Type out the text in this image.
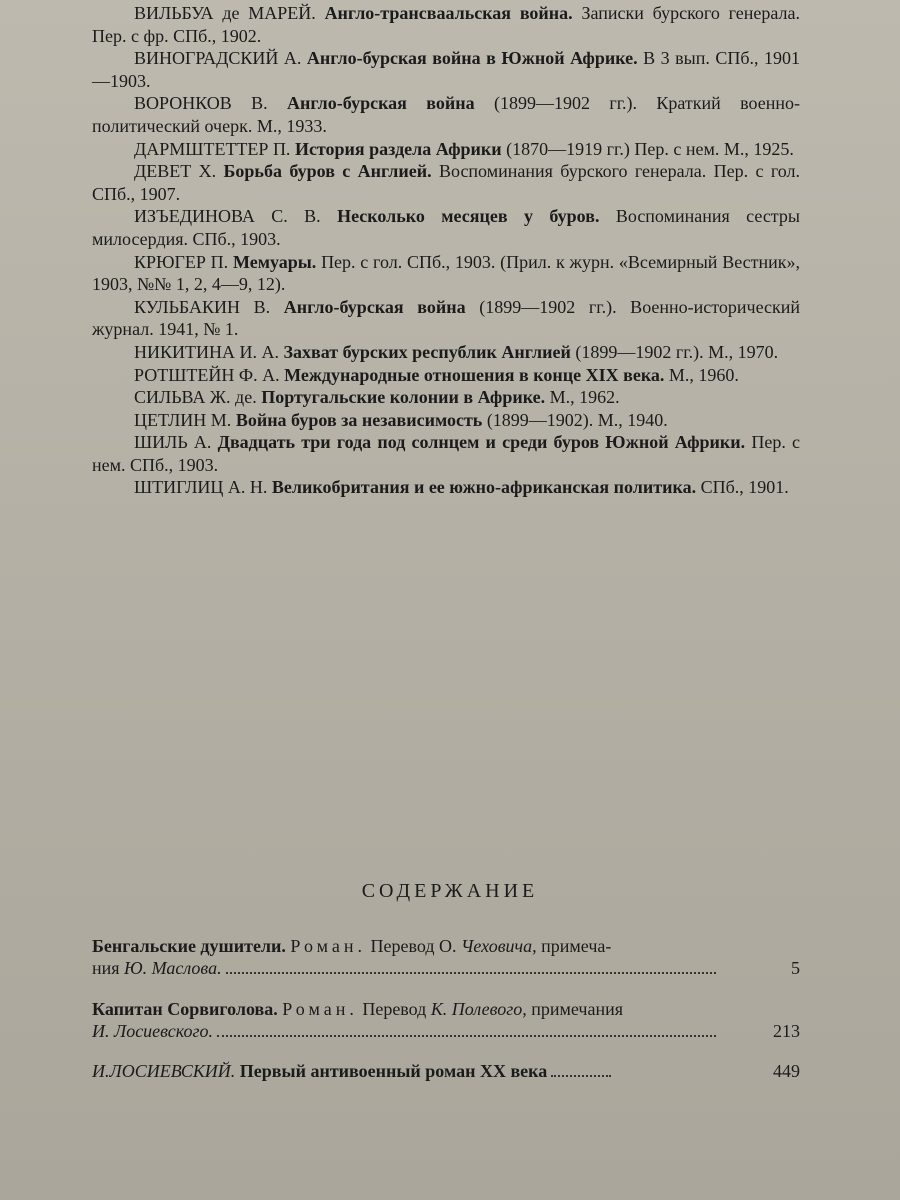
ВИЛЬБУА де МАРЕЙ. Англо-трансваальская война. Записки бурского генерала. Пер. с фр. СПб., 1902.

ВИНОГРАДСКИЙ А. Англо-бурская война в Южной Африке. В 3 вып. СПб., 1901—1903.

ВОРОНКОВ В. Англо-бурская война (1899—1902 гг.). Краткий военно-политический очерк. М., 1933.

ДАРМШТЕТТЕР П. История раздела Африки (1870—1919 гг.) Пер. с нем. М., 1925.

ДЕВЕТ Х. Борьба буров с Англией. Воспоминания бурского генерала. Пер. с гол. СПб., 1907.

ИЗЪЕДИНОВА С. В. Несколько месяцев у буров. Воспоминания сестры милосердия. СПб., 1903.

КРЮГЕР П. Мемуары. Пер. с гол. СПб., 1903. (Прил. к журн. «Всемирный Вестник», 1903, №№ 1, 2, 4—9, 12).

КУЛЬБАКИН В. Англо-бурская война (1899—1902 гг.). Военно-исторический журнал. 1941, № 1.

НИКИТИНА И. А. Захват бурских республик Англией (1899—1902 гг.). М., 1970.

РОТШТЕЙН Ф. А. Международные отношения в конце XIX века. М., 1960.

СИЛЬВА Ж. де. Португальские колонии в Африке. М., 1962.

ЦЕТЛИН М. Война буров за независимость (1899—1902). М., 1940.

ШИЛЬ А. Двадцать три года под солнцем и среди буров Южной Африки. Пер. с нем. СПб., 1903.

ШТИГЛИЦ А. Н. Великобритания и ее южно-африканская политика. СПб., 1901.

СОДЕРЖАНИЕ
Бенгальские душители. Роман. Перевод О. Чеховича, примеча-
ния
Ю. Маслова.	5
Капитан Сорвиголова. Роман. Перевод К. Полевого, примечания
И. Лосиевского.	213
И.ЛОСИЕВСКИЙ.
Первый антивоенный роман XX века	449
